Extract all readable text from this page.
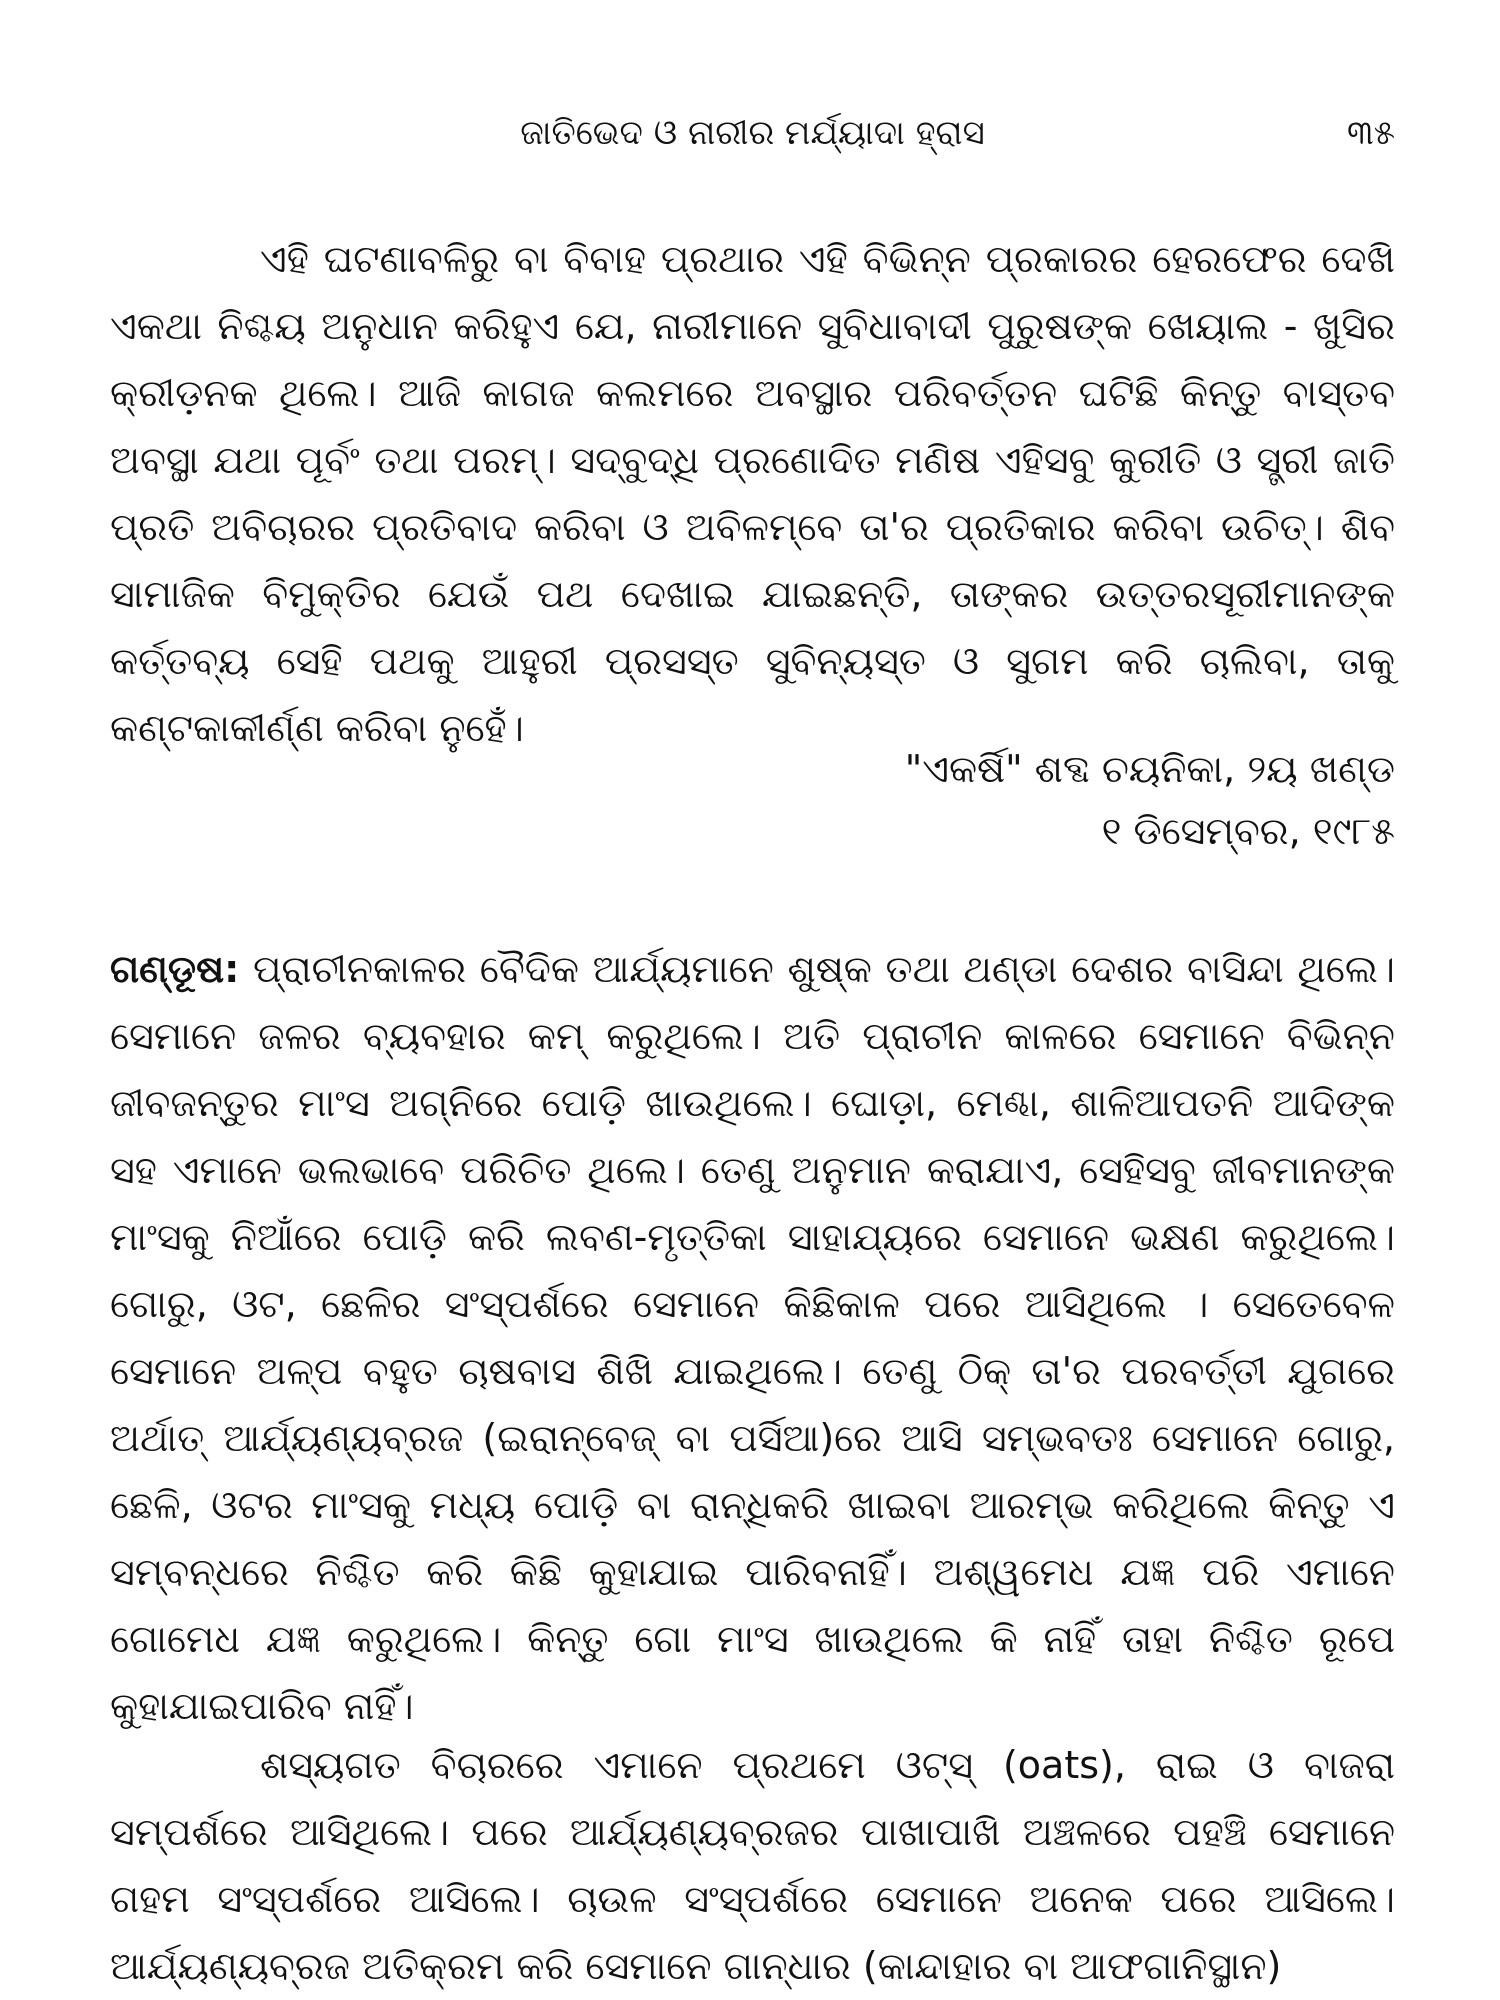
ଜାତିଭେଦ ଓ ନାରୀର ମର୍ଯ୍ୟାଦା ହ୍ରାସ	୩୫

ଏହି ଘଟଣାବଳିରୁ ବା ବିବାହ ପ୍ରଥାର ଏହି ବିଭିନ୍ନ ପ୍ରକାରର ହେରଫେର ଦେଖି ଏକଥା ନିଶ୍ଚୟ ଅନୁଧାନ କରିହୁଏ ଯେ, ନାରୀମାନେ ସୁବିଧାବାଦୀ ପୁରୁଷଙ୍କ ଖେୟାଲ - ଖୁସିର କ୍ରୀଡ଼ନକ ଥିଲେ। ଆଜି କାଗଜ କଲମରେ ଅବସ୍ଥାର ପରିବର୍ତ୍ତନ ଘଟିଛି କିନ୍ତୁ ବାସ୍ତବ ଅବସ୍ଥା ଯଥା ପୂର୍ବଂ ତଥା ପରମ୍। ସଦ୍‌ବୁଦ୍ଧି ପ୍ରଣୋଦିତ ମଣିଷ ଏହିସବୁ କୁରୀତି ଓ ସ୍ତ୍ରୀ ଜାତି ପ୍ରତି ଅବିଚାରର ପ୍ରତିବାଦ କରିବା ଓ ଅବିଳମ୍ବେ ତା'ର ପ୍ରତିକାର କରିବା ଉଚିତ୍। ଶିବ ସାମାଜିକ ବିମୁକ୍ତିର ଯେଉଁ ପଥ ଦେଖାଇ ଯାଇଛନ୍ତି, ତାଙ୍କର ଉତ୍ତରସୂରୀମାନଙ୍କ କର୍ତ୍ତବ୍ୟ ସେହି ପଥକୁ ଆହୁରୀ ପ୍ରସସ୍ତ ସୁବିନ୍ୟସ୍ତ ଓ ସୁଗମ କରି ଚାଲିବା, ତାକୁ କଣ୍ଟକାକୀର୍ଣ୍ଣ କରିବା ନୁହେଁ।

"ଏକର୍ଷି" ଶବ୍ଦ ଚୟନିକା, ୨ୟ ଖଣ୍ଡ
୧ ଡିସେମ୍ବର, ୧୯୮୫

ଗଣ୍ଡୂଷ: ପ୍ରାଚୀନକାଳର ବୈଦିକ ଆର୍ଯ୍ୟମାନେ ଶୁଷ୍କ ତଥା ଥଣ୍ଡା ଦେଶର ବାସିନ୍ଦା ଥିଲେ। ସେମାନେ ଜଳର ବ୍ୟବହାର କମ୍ କରୁଥିଲେ। ଅତି ପ୍ରାଚୀନ କାଳରେ ସେମାନେ ବିଭିନ୍ନ ଜୀବଜନ୍ତୁର ମାଂସ ଅଗ୍ନିରେ ପୋଡ଼ି ଖାଉଥିଲେ। ଘୋଡ଼ା, ମେଣ୍ଢା, ଶାଳିଆପତନି ଆଦିଙ୍କ ସହ ଏମାନେ ଭଲଭାବେ ପରିଚିତ ଥିଲେ। ତେଣୁ ଅନୁମାନ କରାଯାଏ, ସେହିସବୁ ଜୀବମାନଙ୍କ ମାଂସକୁ ନିଆଁରେ ପୋଡ଼ି କରି ଲବଣ-ମୃତ୍ତିକା ସାହାଯ୍ୟରେ ସେମାନେ ଭକ୍ଷଣ କରୁଥିଲେ। ଗୋରୁ, ଓଟ, ଛେଳିର ସଂସ୍ପର୍ଶରେ ସେମାନେ କିଛିକାଳ ପରେ ଆସିଥିଲେ । ସେତେବେଳ ସେମାନେ ଅଳ୍ପ ବହୁତ ଚାଷବାସ ଶିଖି ଯାଇଥିଲେ। ତେଣୁ ଠିକ୍ ତା'ର ପରବର୍ତ୍ତୀ ଯୁଗରେ ଅର୍ଥାତ୍ ଆର୍ଯ୍ୟଣ୍ୟବ୍ରଜ (ଇରାନ୍‌ବେଜ୍ ବା ପର୍ସିଆ)ରେ ଆସି ସମ୍ଭବତଃ ସେମାନେ ଗୋରୁ, ଛେଳି, ଓଟର ମାଂସକୁ ମଧ୍ୟ ପୋଡ଼ି ବା ରାନ୍ଧିକରି ଖାଇବା ଆରମ୍ଭ କରିଥିଲେ କିନ୍ତୁ ଏ ସମ୍ବନ୍ଧରେ ନିଶ୍ଚିତ କରି କିଛି କୁହାଯାଇ ପାରିବନାହିଁ। ଅଶ୍ୱମେଧ ଯଜ୍ଞ ପରି ଏମାନେ ଗୋମେଧ ଯଜ୍ଞ କରୁଥିଲେ। କିନ୍ତୁ ଗୋ ମାଂସ ଖାଉଥିଲେ କି ନାହିଁ ତାହା ନିଶ୍ଚିତ ରୂପେ କୁହାଯାଇପାରିବ ନାହିଁ।

ଶସ୍ୟଗତ ବିଚାରରେ ଏମାନେ ପ୍ରଥମେ ଓଟ୍‌ସ୍ (oats), ରାଇ ଓ ବାଜରା ସମ୍ପର୍ଶରେ ଆସିଥିଲେ। ପରେ ଆର୍ଯ୍ୟଣ୍ୟବ୍ରଜର ପାଖାପାଖି ଅଞ୍ଚଳରେ ପହଞ୍ଚି ସେମାନେ ଗହମ ସଂସ୍ପର୍ଶରେ ଆସିଲେ। ଚାଉଳ ସଂସ୍ପର୍ଶରେ ସେମାନେ ଅନେକ ପରେ ଆସିଲେ। ଆର୍ଯ୍ୟଣ୍ୟବ୍ରଜ ଅତିକ୍ରମ କରି ସେମାନେ ଗାନ୍ଧାର (କାନ୍ଦାହାର ବା ଆଫଗାନିସ୍ଥାନ)
